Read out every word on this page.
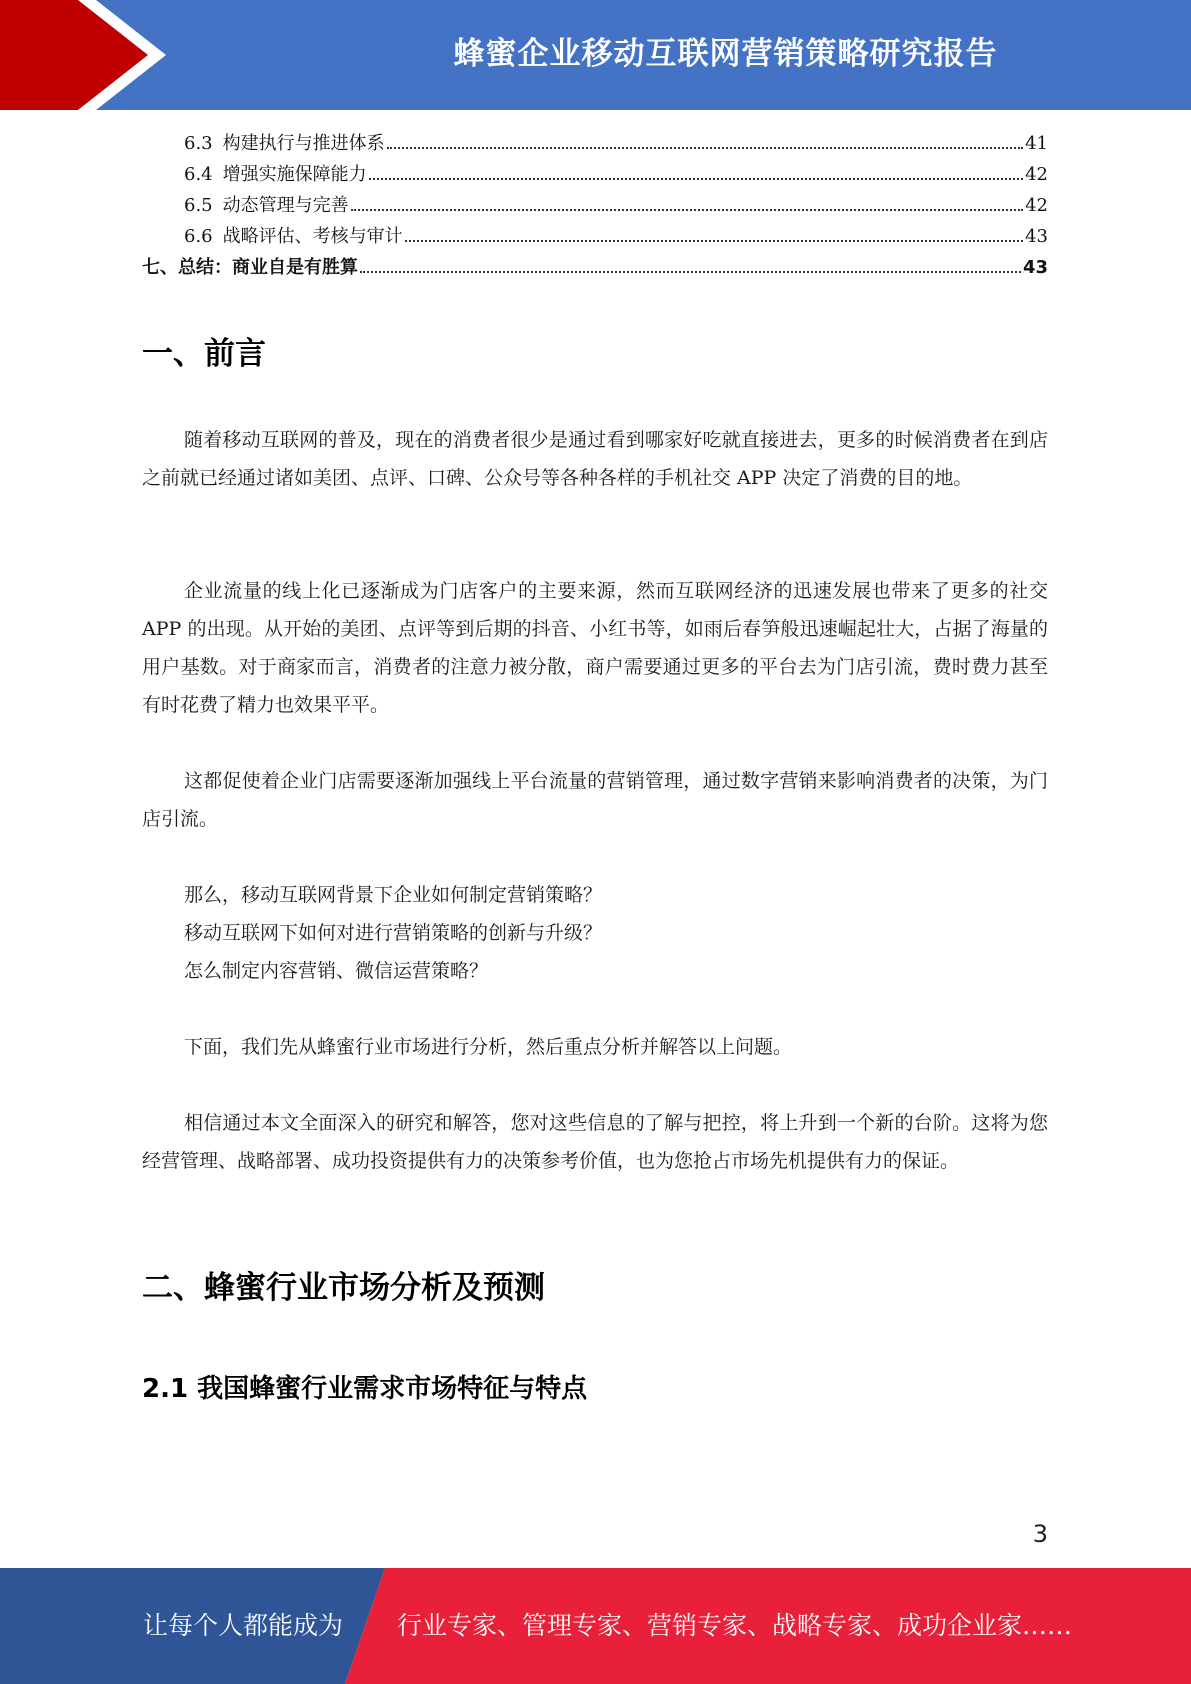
蜂蜜企业移动互联网营销策略研究报告
6.3 构建执行与推进体系	41
6.4 增强实施保障能力	42
6.5 动态管理与完善	42
6.6 战略评估、考核与审计	43
七、总结：商业自是有胜算	43
一、前言

随着移动互联网的普及，现在的消费者很少是通过看到哪家好吃就直接进去，更多的时候消费者在到店之前就已经通过诸如美团、点评、口碑、公众号等各种各样的手机社交 APP 决定了消费的目的地。

企业流量的线上化已逐渐成为门店客户的主要来源，然而互联网经济的迅速发展也带来了更多的社交 APP 的出现。从开始的美团、点评等到后期的抖音、小红书等，如雨后春笋般迅速崛起壮大，占据了海量的用户基数。对于商家而言，消费者的注意力被分散，商户需要通过更多的平台去为门店引流，费时费力甚至有时花费了精力也效果平平。

这都促使着企业门店需要逐渐加强线上平台流量的营销管理，通过数字营销来影响消费者的决策，为门店引流。

那么，移动互联网背景下企业如何制定营销策略？
移动互联网下如何对进行营销策略的创新与升级？
怎么制定内容营销、微信运营策略？

下面，我们先从蜂蜜行业市场进行分析，然后重点分析并解答以上问题。

相信通过本文全面深入的研究和解答，您对这些信息的了解与把控，将上升到一个新的台阶。这将为您经营管理、战略部署、成功投资提供有力的决策参考价值，也为您抢占市场先机提供有力的保证。

二、蜂蜜行业市场分析及预测
2.1 我国蜂蜜行业需求市场特征与特点
3
让每个人都能成为 行业专家、管理专家、营销专家、战略专家、成功企业家……
